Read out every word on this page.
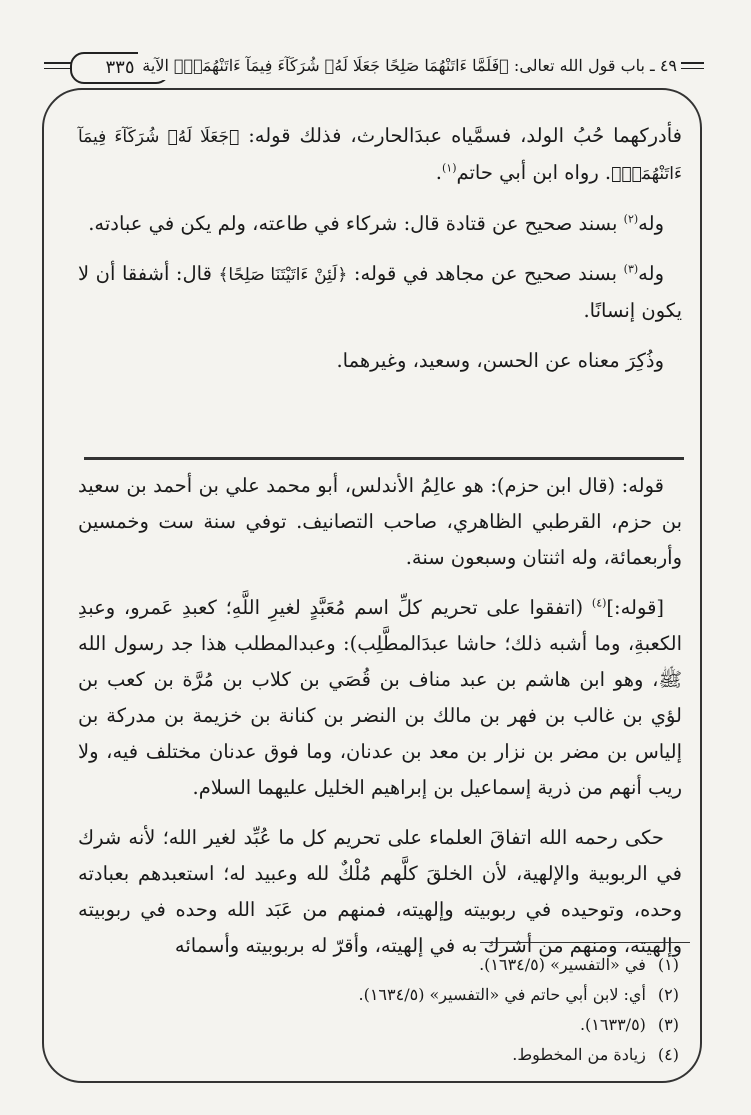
٣٣٥ ٤٩ ـ باب قول الله تعالى: ﴿فَلَمَّا ءَاتَنْهُمَا صَلِحًا جَعَلَا لَهُۥ شُرَكَآءَ فِيمَآ ءَاتَنْهُمَاۚ﴾ الآية

فأدركهما حُبُ الولد، فسمَّياه عبدَالحارث، فذلك قوله: ﴿جَعَلَا لَهُۥ شُرَكَآءَ فِيمَآ ءَاتَنْهُمَاۚ﴾. رواه ابن أبي حاتم$^{(١)}$.

وله$^{(٢)}$ بسند صحيح عن قتادة قال: شركاء في طاعته، ولم يكن في عبادته.

وله$^{(٣)}$ بسند صحيح عن مجاهد في قوله: ﴿لَئِنْ ءَاتَيْتَنَا صَلِحًا﴾ قال: أشفقا أن لا يكون إنسانًا.

وذُكِرَ معناه عن الحسن، وسعيد، وغيرهما.

قوله: (قال ابن حزم): هو عالِمُ الأندلس، أبو محمد علي بن أحمد بن سعيد بن حزم، القرطبي الظاهري، صاحب التصانيف. توفي سنة ست وخمسين وأربعمائة، وله اثنتان وسبعون سنة.

[قوله:]$^{(٤)}$ (اتفقوا على تحريم كلِّ اسم مُعَبَّدٍ لغيرِ اللَّهِ؛ كعبدِ عَمرو، وعبدِ الكعبةِ، وما أشبه ذلك؛ حاشا عبدَالمطَّلِب): وعبدالمطلب هذا جد رسول الله ﷺ، وهو ابن هاشم بن عبد مناف بن قُصَي بن كلاب بن مُرَّة بن كعب بن لؤي بن غالب بن فهر بن مالك بن النضر بن كنانة بن خزيمة بن مدركة بن إلياس بن مضر بن نزار بن معد بن عدنان، وما فوق عدنان مختلف فيه، ولا ريب أنهم من ذرية إسماعيل بن إبراهيم الخليل عليهما السلام.

حكى رحمه الله اتفاقَ العلماء على تحريم كل ما عُبِّد لغير الله؛ لأنه شرك في الربوبية والإلهية، لأن الخلقَ كلَّهم مُلْكٌ لله وعبيد له؛ استعبدهم بعبادته وحده، وتوحيده في ربوبيته وإلهيته، فمنهم من عَبَد الله وحده في ربوبيته وإلهيته، ومنهم من أشرك به في إلهيته، وأقرّ له بربوبيته وأسمائه

(١) في «التفسير» (١٦٣٤/٥).
(٢) أي: لابن أبي حاتم في «التفسير» (١٦٣٤/٥).
(٣) (١٦٣٣/٥).
(٤) زيادة من المخطوط.
